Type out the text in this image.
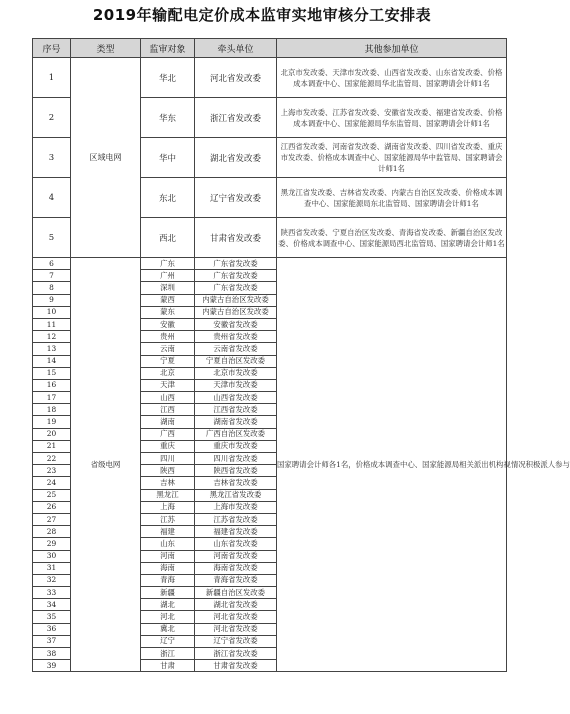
2019年输配电定价成本监审实地审核分工安排表
序号	类型	监审对象	牵头单位	其他参加单位
1	区域电网	华北	河北省发改委	北京市发改委、天津市发改委、山西省发改委、山东省发改委、价格成本调查中心、国家能源局华北监管局、国家聘请会计师1名
2		华东	浙江省发改委	上海市发改委、江苏省发改委、安徽省发改委、福建省发改委、价格成本调查中心、国家能源局华东监管局、国家聘请会计师1名
3		华中	湖北省发改委	江西省发改委、河南省发改委、湖南省发改委、四川省发改委、重庆市发改委、价格成本调查中心、国家能源局华中监管局、国家聘请会计师1名
4		东北	辽宁省发改委	黑龙江省发改委、吉林省发改委、内蒙古自治区发改委、价格成本调查中心、国家能源局东北监管局、国家聘请会计师1名
5		西北	甘肃省发改委	陕西省发改委、宁夏自治区发改委、青海省发改委、新疆自治区发改委、价格成本调查中心、国家能源局西北监管局、国家聘请会计师1名
6	省级电网	广东	广东省发改委	国家聘请会计师各1名，价格成本调查中心、国家能源局相关派出机构视情况积极派人参与
7		广州	广东省发改委	
8		深圳	广东省发改委	
9		蒙西	内蒙古自治区发改委	
10		蒙东	内蒙古自治区发改委	
11		安徽	安徽省发改委	
12		贵州	贵州省发改委	
13		云南	云南省发改委	
14		宁夏	宁夏自治区发改委	
15		北京	北京市发改委	
16		天津	天津市发改委	
17		山西	山西省发改委	
18		江西	江西省发改委	
19		湖南	湖南省发改委	
20		广西	广西自治区发改委	
21		重庆	重庆市发改委	
22		四川	四川省发改委	
23		陕西	陕西省发改委	
24		吉林	吉林省发改委	
25		黑龙江	黑龙江省发改委	
26		上海	上海市发改委	
27		江苏	江苏省发改委	
28		福建	福建省发改委	
29		山东	山东省发改委	
30		河南	河南省发改委	
31		海南	海南省发改委	
32		青海	青海省发改委	
33		新疆	新疆自治区发改委	
34		湖北	湖北省发改委	
35		河北	河北省发改委	
36		冀北	河北省发改委	
37		辽宁	辽宁省发改委	
38		浙江	浙江省发改委	
39		甘肃	甘肃省发改委	
